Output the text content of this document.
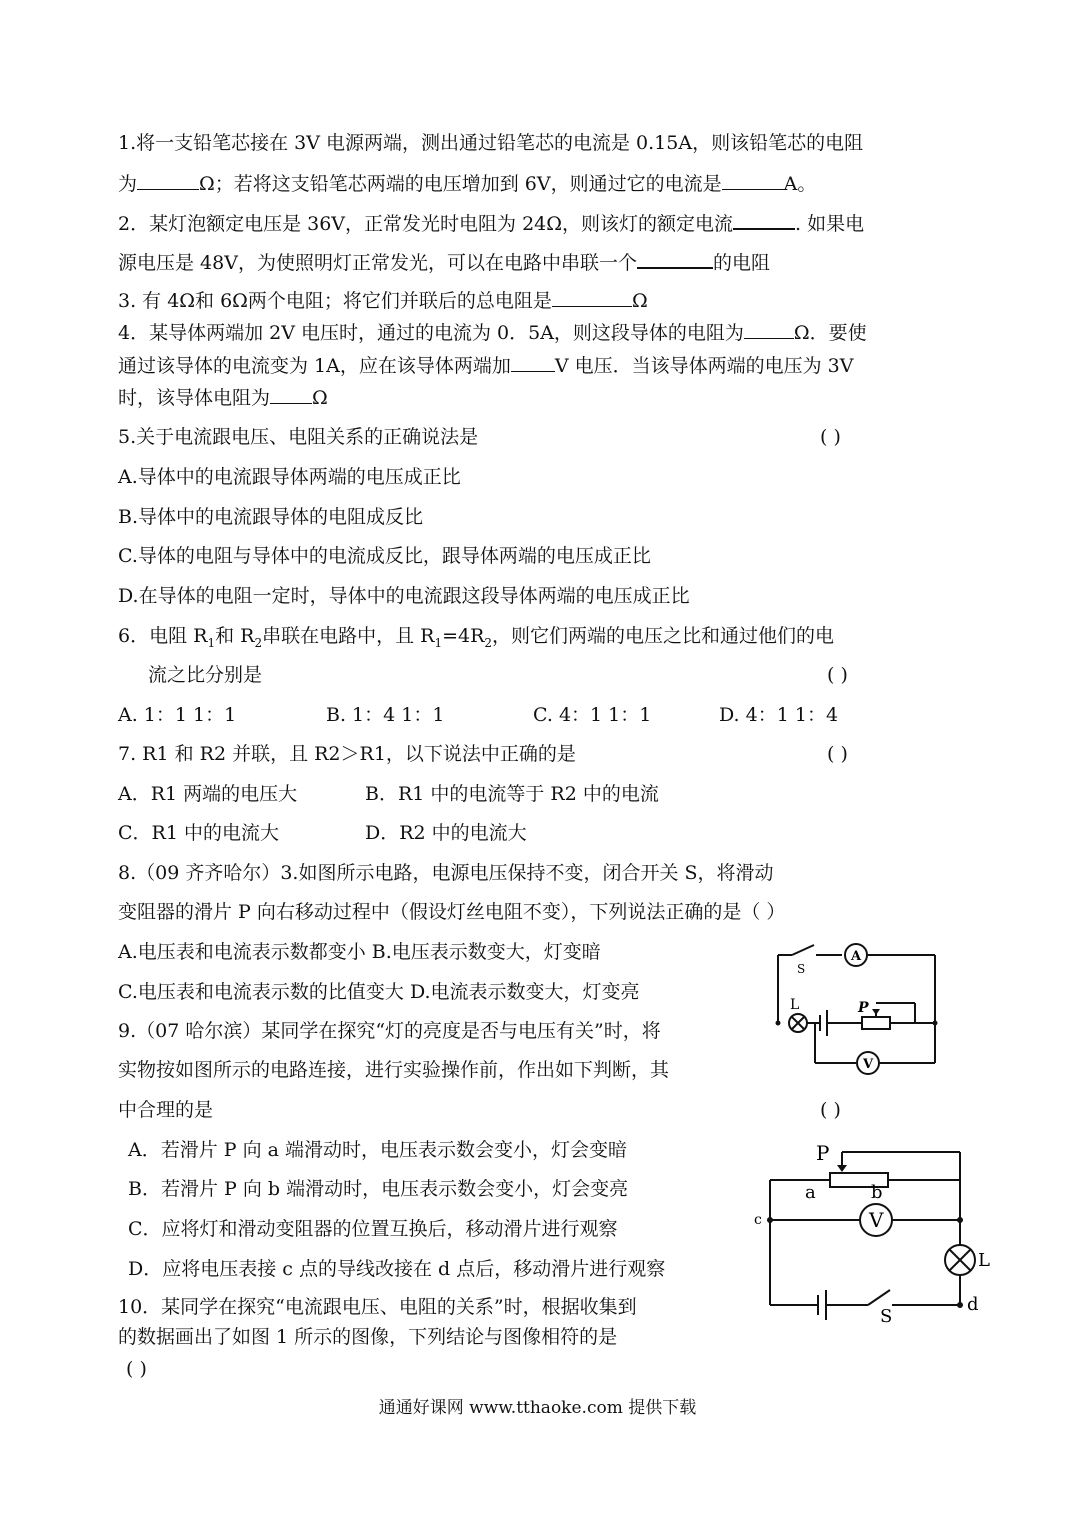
1.将一支铅笔芯接在 3V 电源两端，测出通过铅笔芯的电流是 0.15A，则该铅笔芯的电阻
为	Ω；若将这支铅笔芯两端的电压增加到 6V，则通过它的电流是	A。
2．某灯泡额定电压是 36V，正常发光时电阻为 24Ω，则该灯的额定电流	. 如果电
源电压是 48V，为使照明灯正常发光，可以在电路中串联一个	的电阻
3. 有 4Ω和 6Ω两个电阻；将它们并联后的总电阻是	Ω
4．某导体两端加 2V 电压时，通过的电流为 0．5A，则这段导体的电阻为	Ω．要使
通过该导体的电流变为 1A，应在该导体两端加 V 电压．当该导体两端的电压为 3V
时，该导体电阻为 Ω
5.关于电流跟电压、电阻关系的正确说法是	( )
A.导体中的电流跟导体两端的电压成正比
B.导体中的电流跟导体的电阻成反比
C.导体的电阻与导体中的电流成反比，跟导体两端的电压成正比
D.在导体的电阻一定时，导体中的电流跟这段导体两端的电压成正比
6．电阻 $R_1$和 $R_2$串联在电路中，且 $R_1=4R_2$，则它们两端的电压之比和通过他们的电
流之比分别是	( )
A. 1：1 1：1	B. 1：4 1：1	C. 4：1 1：1	D. 4：1 1：4
7. R1 和 R2 并联，且 R2＞R1，以下说法中正确的是	( )
A．R1 两端的电压大	B．R1 中的电流等于 R2 中的电流
C．R1 中的电流大	D．R2 中的电流大
8.（09 齐齐哈尔）3.如图所示电路，电源电压保持不变，闭合开关 S，将滑动
变阻器的滑片 P 向右移动过程中（假设灯丝电阻不变），下列说法正确的是（ ）
A.电压表和电流表示数都变小 B.电压表示数变大，灯变暗
C.电压表和电流表示数的比值变大 D.电流表示数变大，灯变亮
S
A
L	P
V
9.（07 哈尔滨）某同学在探究“灯的亮度是否与电压有关”时，将
实物按如图所示的电路连接，进行实验操作前，作出如下判断，其
中合理的是	( )
A．若滑片 P 向 a 端滑动时，电压表示数会变小，灯会变暗
B．若滑片 P 向 b 端滑动时，电压表示数会变小，灯会变亮
C．应将灯和滑动变阻器的位置互换后，移动滑片进行观察
D．应将电压表接 c 点的导线改接在 d 点后，移动滑片进行观察
P
a	b
c	V
L
d
S
10．某同学在探究“电流跟电压、电阻的关系”时，根据收集到
的数据画出了如图 1 所示的图像，下列结论与图像相符的是
( )
通通好课网 www.tthaoke.com 提供下载
